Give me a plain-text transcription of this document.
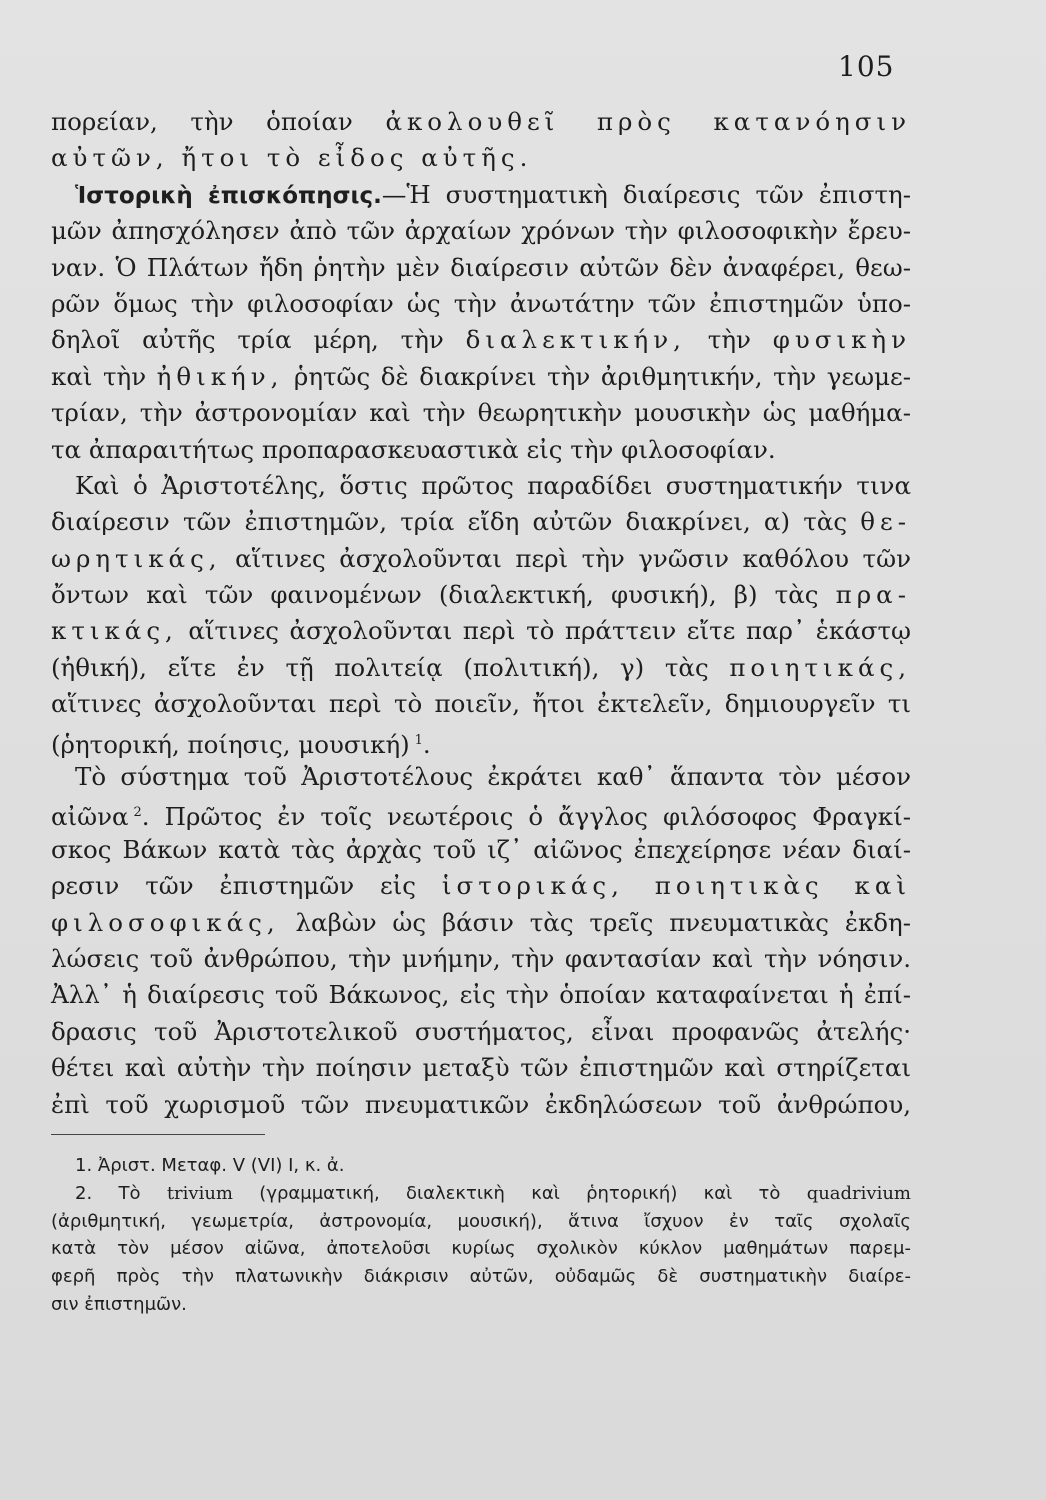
105
πορείαν, τὴν ὁποίαν ἀκολουθεῖ πρὸς κατανόησιν
αὐτῶν, ἤτοι τὸ εἶδος αὐτῆς.
Ἱστορικὴ ἐπισκόπησις.—Ἡ συστηματικὴ διαίρεσις τῶν ἐπιστη-
μῶν ἀπησχόλησεν ἀπὸ τῶν ἀρχαίων χρόνων τὴν φιλοσοφικὴν ἔρευ-
ναν. Ὁ Πλάτων ἤδη ῥητὴν μὲν διαίρεσιν αὐτῶν δὲν ἀναφέρει, θεω-
ρῶν ὅμως τὴν φιλοσοφίαν ὡς τὴν ἀνωτάτην τῶν ἐπιστημῶν ὑπο-
δηλοῖ αὐτῆς τρία μέρη, τὴν διαλεκτικήν, τὴν φυσικὴν
καὶ τὴν ἠθικήν, ῥητῶς δὲ διακρίνει τὴν ἀριθμητικήν, τὴν γεωμε-
τρίαν, τὴν ἀστρονομίαν καὶ τὴν θεωρητικὴν μουσικὴν ὡς μαθήμα-
τα ἀπαραιτήτως προπαρασκευαστικὰ εἰς τὴν φιλοσοφίαν.
Καὶ ὁ Ἀριστοτέλης, ὅστις πρῶτος παραδίδει συστηματικήν τινα
διαίρεσιν τῶν ἐπιστημῶν, τρία εἴδη αὐτῶν διακρίνει, α) τὰς θε-
ωρητικάς, αἵτινες ἀσχολοῦνται περὶ τὴν γνῶσιν καθόλου τῶν
ὄντων καὶ τῶν φαινομένων (διαλεκτική, φυσική), β) τὰς πρα-
κτικάς, αἵτινες ἀσχολοῦνται περὶ τὸ πράττειν εἴτε παρ᾽ ἑκάστῳ
(ἠθική), εἴτε ἐν τῇ πολιτείᾳ (πολιτική), γ) τὰς ποιητικάς,
αἵτινες ἀσχολοῦνται περὶ τὸ ποιεῖν, ἤτοι ἐκτελεῖν, δημιουργεῖν τι
(ῥητορική, ποίησις, μουσική)  $^1$.
Τὸ σύστημα τοῦ Ἀριστοτέλους ἐκράτει καθ᾽ ἅπαντα τὸν μέσον
αἰῶνα  $^2$. Πρῶτος ἐν τοῖς νεωτέροις ὁ ἄγγλος φιλόσοφος Φραγκί-
σκος Βάκων κατὰ τὰς ἀρχὰς τοῦ ιζ᾽ αἰῶνος ἐπεχείρησε νέαν διαί-
ρεσιν τῶν ἐπιστημῶν εἰς ἱστορικάς, ποιητικὰς καὶ
φιλοσοφικάς, λαβὼν ὡς βάσιν τὰς τρεῖς πνευματικὰς ἐκδη-
λώσεις τοῦ ἀνθρώπου, τὴν μνήμην, τὴν φαντασίαν καὶ τὴν νόησιν.
Ἀλλ᾽ ἡ διαίρεσις τοῦ Βάκωνος, εἰς τὴν ὁποίαν καταφαίνεται ἡ ἐπί-
δρασις τοῦ Ἀριστοτελικοῦ συστήματος, εἶναι προφανῶς ἀτελής·
θέτει καὶ αὐτὴν τὴν ποίησιν μεταξὺ τῶν ἐπιστημῶν καὶ στηρίζεται
ἐπὶ τοῦ χωρισμοῦ τῶν πνευματικῶν ἐκδηλώσεων τοῦ ἀνθρώπου,
1. Ἀριστ. Μεταφ. V (VI) I, κ. ἀ.
2. Τὸ trivium (γραμματική, διαλεκτικὴ καὶ ῥητορική) καὶ τὸ quadrivium
(ἀριθμητική, γεωμετρία, ἀστρονομία, μουσική), ἅτινα ἴσχυον ἐν ταῖς σχολαῖς
κατὰ τὸν μέσον αἰῶνα, ἀποτελοῦσι κυρίως σχολικὸν κύκλον μαθημάτων παρεμ-
φερῆ πρὸς τὴν πλατωνικὴν διάκρισιν αὐτῶν, οὐδαμῶς δὲ συστηματικὴν διαίρε-
σιν ἐπιστημῶν.
